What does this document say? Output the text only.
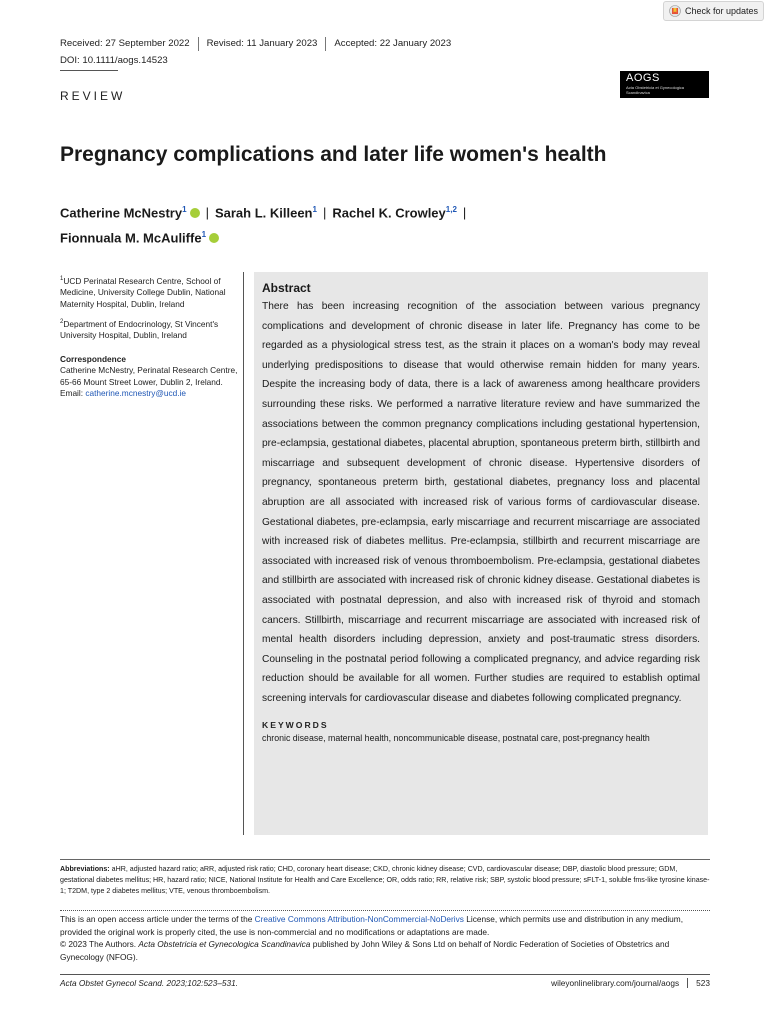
Check for updates
Received: 27 September 2022	Revised: 11 January 2023	Accepted: 22 January 2023
DOI: 10.1111/aogs.14523
AOGS
Acta Obstetricia et Gynecologica Scandinavica
REVIEW
Pregnancy complications and later life women's health
Catherine McNestry$^1$ | Sarah L. Killeen$^1$ | Rachel K. Crowley$^{1,2}$ |
Fionnuala M. McAuliffe$^1$

$^1$UCD Perinatal Research Centre, School of Medicine, University College Dublin, National Maternity Hospital, Dublin, Ireland

$^2$Department of Endocrinology, St Vincent's University Hospital, Dublin, Ireland

Correspondence
Catherine McNestry, Perinatal Research Centre, 65-66 Mount Street Lower, Dublin 2, Ireland.
Email: catherine.mcnestry@ucd.ie

Abstract

There has been increasing recognition of the association between various pregnancy complications and development of chronic disease in later life. Pregnancy has come to be regarded as a physiological stress test, as the strain it places on a woman's body may reveal underlying predispositions to disease that would otherwise remain hidden for many years. Despite the increasing body of data, there is a lack of awareness among healthcare providers surrounding these risks. We performed a narrative literature review and have summarized the associations between the common pregnancy complications including gestational hypertension, pre-eclampsia, gestational diabetes, placental abruption, spontaneous preterm birth, stillbirth and miscarriage and subsequent development of chronic disease. Hypertensive disorders of pregnancy, spontaneous preterm birth, gestational diabetes, pregnancy loss and placental abruption are all associated with increased risk of various forms of cardiovascular disease. Gestational diabetes, pre-eclampsia, early miscarriage and recurrent miscarriage are associated with increased risk of diabetes mellitus. Pre-eclampsia, stillbirth and recurrent miscarriage are associated with increased risk of venous thromboembolism. Pre-eclampsia, gestational diabetes and stillbirth are associated with increased risk of chronic kidney disease. Gestational diabetes is associated with postnatal depression, and also with increased risk of thyroid and stomach cancers. Stillbirth, miscarriage and recurrent miscarriage are associated with increased risk of mental health disorders including depression, anxiety and post-traumatic stress disorders. Counseling in the postnatal period following a complicated pregnancy, and advice regarding risk reduction should be available for all women. Further studies are required to establish optimal screening intervals for cardiovascular disease and diabetes following complicated pregnancy.

KEYWORDS
chronic disease, maternal health, noncommunicable disease, postnatal care, post-pregnancy health
Abbreviations: aHR, adjusted hazard ratio; aRR, adjusted risk ratio; CHD, coronary heart disease; CKD, chronic kidney disease; CVD, cardiovascular disease; DBP, diastolic blood pressure; GDM, gestational diabetes mellitus; HR, hazard ratio; NICE, National Institute for Health and Care Excellence; OR, odds ratio; RR, relative risk; SBP, systolic blood pressure; sFLT-1, soluble fms-like tyrosine kinase-1; T2DM, type 2 diabetes mellitus; VTE, venous thromboembolism.
This is an open access article under the terms of the Creative Commons Attribution-NonCommercial-NoDerivs License, which permits use and distribution in any medium, provided the original work is properly cited, the use is non-commercial and no modifications or adaptations are made.
© 2023 The Authors. Acta Obstetricia et Gynecologica Scandinavica published by John Wiley & Sons Ltd on behalf of Nordic Federation of Societies of Obstetrics and Gynecology (NFOG).
Acta Obstet Gynecol Scand. 2023;102:523–531.	wileyonlinelibrary.com/journal/aogs	523
